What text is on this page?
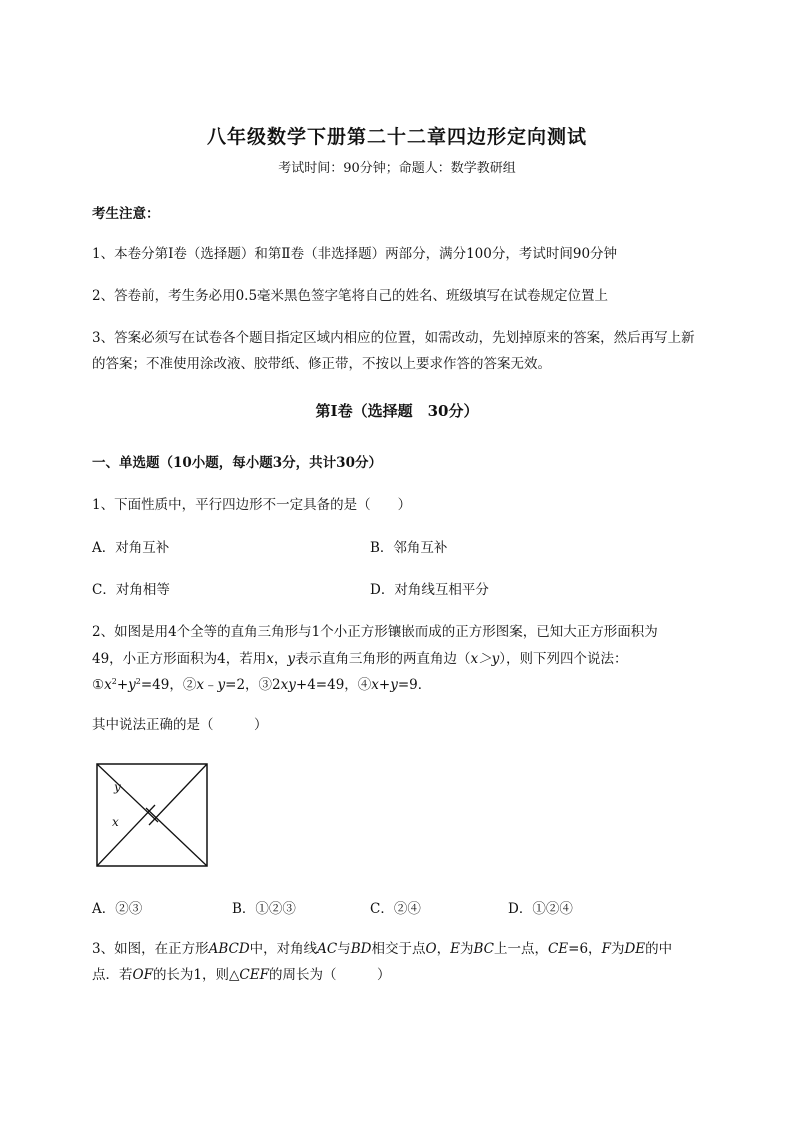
八年级数学下册第二十二章四边形定向测试
考试时间：90分钟；命题人：数学教研组
考生注意：
1、本卷分第Ⅰ卷（选择题）和第Ⅱ卷（非选择题）两部分，满分100分，考试时间90分钟
2、答卷前，考生务必用0.5毫米黑色签字笔将自己的姓名、班级填写在试卷规定位置上
3、答案必须写在试卷各个题目指定区域内相应的位置，如需改动，先划掉原来的答案，然后再写上新
的答案；不准使用涂改液、胶带纸、修正带，不按以上要求作答的答案无效。
第Ⅰ卷（选择题　30分）
一、单选题（10小题，每小题3分，共计30分）
1、下面性质中，平行四边形不一定具备的是（　　）
A．对角互补	B．邻角互补
C．对角相等	D．对角线互相平分
2、如图是用4个全等的直角三角形与1个小正方形镶嵌而成的正方形图案，已知大正方形面积为
49，小正方形面积为4，若用x，y表示直角三角形的两直角边（x＞y），则下列四个说法：
$①x^2+y^2=49$，②x﹣y=2，③2xy+4=49，④x+y=9．
其中说法正确的是（　　　）
y
x
A．②③	B．①②③	C．②④	D．①②④
3、如图，在正方形ABCD中，对角线AC与BD相交于点O，E为BC上一点，CE=6，F为DE的中
点．若OF的长为1，则△CEF的周长为（　　　）
